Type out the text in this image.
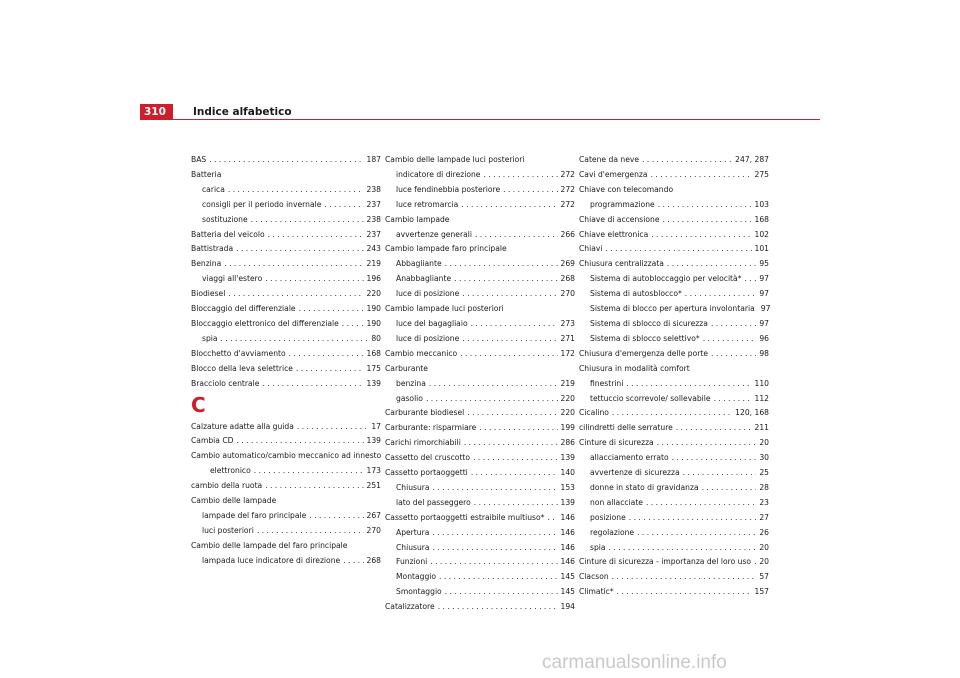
310	Indice alfabetico
BAS . . .	187
Batteria
carica . . .	238
consigli per il periodo invernale . . .	237
sostituzione . . .	238
Batteria del veicolo . . .	237
Battistrada . . .	243
Benzina . . .	219
viaggi all'estero . . .	196
Biodiesel . . .	220
Bloccaggio del differenziale . . .	190
Bloccaggio elettronico del differenziale . . .	190
spia . . .	80
Blocchetto d'avviamento . . .	168
Blocco della leva selettrice . . .	175
Bracciolo centrale . . .	139
C
Calzature adatte alla guida . . .	17
Cambia CD . . .	139
Cambio automatico/cambio meccanico ad innesto
elettronico . . .	173
cambio della ruota . . .	251
Cambio delle lampade
lampade del faro principale . . .	267
luci posteriori . . .	270
Cambio delle lampade del faro principale
lampada luce indicatore di direzione . . .	268
Cambio delle lampade luci posteriori
indicatore di direzione . . .	272
luce fendinebbia posteriore . . .	272
luce retromarcia . . .	272
Cambio lampade
avvertenze generali . . .	266
Cambio lampade faro principale
Abbagliante . . .	269
Anabbagliante . . .	268
luce di posizione . . .	270
Cambio lampade luci posteriori
luce del bagagliaio . . .	273
luce di posizione . . .	271
Cambio meccanico . . .	172
Carburante
benzina . . .	219
gasolio . . .	220
Carburante biodiesel . . .	220
Carburante: risparmiare . . .	199
Carichi rimorchiabili . . .	286
Cassetto del cruscotto . . .	139
Cassetto portaoggetti . . .	140
Chiusura . . .	153
lato del passeggero . . .	139
Cassetto portaoggetti estraibile multiuso* . . . 146
Apertura . . .	146
Chiusura . . .	146
Funzioni . . .	146
Montaggio . . .	145
Smontaggio . . .	145
Catalizzatore . . .	194
Catene da neve . . .	247, 287
Cavi d'emergenza . . .	275
Chiave con telecomando
programmazione . . .	103
Chiave di accensione . . .	168
Chiave elettronica . . .	102
Chiavi . . .	101
Chiusura centralizzata . . .	95
Sistema di autobloccaggio per velocità* . . . 97
Sistema di autosblocco* . . .	97
Sistema di blocco per apertura involontaria 97
Sistema di sblocco di sicurezza . . .	97
Sistema di sblocco selettivo* . . .	96
Chiusura d'emergenza delle porte . . .	98
Chiusura in modalità comfort
finestrini . . .	110
tettuccio scorrevole/ sollevabile . . .	112
Cicalino . . .	120, 168
cilindretti delle serrature . . .	211
Cinture di sicurezza . . .	20
allacciamento errato . . .	30
avvertenze di sicurezza . . .	25
donne in stato di gravidanza . . .	28
non allacciate . . .	23
posizione . . .	27
regolazione . . .	26
spia . . .	20
Cinture di sicurezza - importanza del loro uso . . . 20
Clacson . . .	57
Climatic* . . .	157
carmanualsonline.info
